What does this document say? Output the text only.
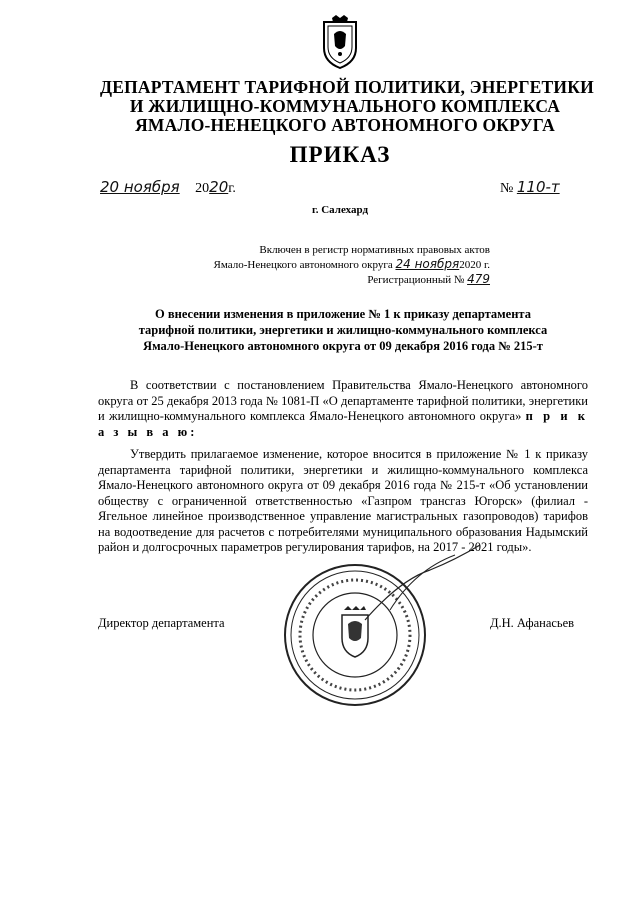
ДЕПАРТАМЕНТ ТАРИФНОЙ ПОЛИТИКИ, ЭНЕРГЕТИКИ
И ЖИЛИЩНО-КОММУНАЛЬНОГО КОМПЛЕКСА
ЯМАЛО-НЕНЕЦКОГО АВТОНОМНОГО ОКРУГА
ПРИКАЗ
20 ноября 2020г.	№ 110-т
г. Салехард
Включен в регистр нормативных правовых актов
Ямало-Ненецкого автономного округа 24 ноября2020 г.
Регистрационный № 479
О внесении изменения в приложение № 1 к приказу департамента
тарифной политики, энергетики и жилищно-коммунального комплекса
Ямало-Ненецкого автономного округа от 09 декабря 2016 года № 215-т
В соответствии с постановлением Правительства Ямало-Ненецкого автономного округа от 25 декабря 2013 года № 1081-П «О департаменте тарифной политики, энергетики и жилищно-коммунального комплекса Ямало-Ненецкого автономного округа» п р и к а з ы в а ю:
Утвердить прилагаемое изменение, которое вносится в приложение № 1 к приказу департамента тарифной политики, энергетики и жилищно-коммунального комплекса Ямало-Ненецкого автономного округа от 09 декабря 2016 года № 215-т «Об установлении обществу с ограниченной ответственностью «Газпром трансгаз Югорск» (филиал - Ягельное линейное производственное управление магистральных газопроводов) тарифов на водоотведение для расчетов с потребителями муниципального образования Надымский район и долгосрочных параметров регулирования тарифов, на 2017 - 2021 годы».
Директор департамента	Д.Н. Афанасьев
